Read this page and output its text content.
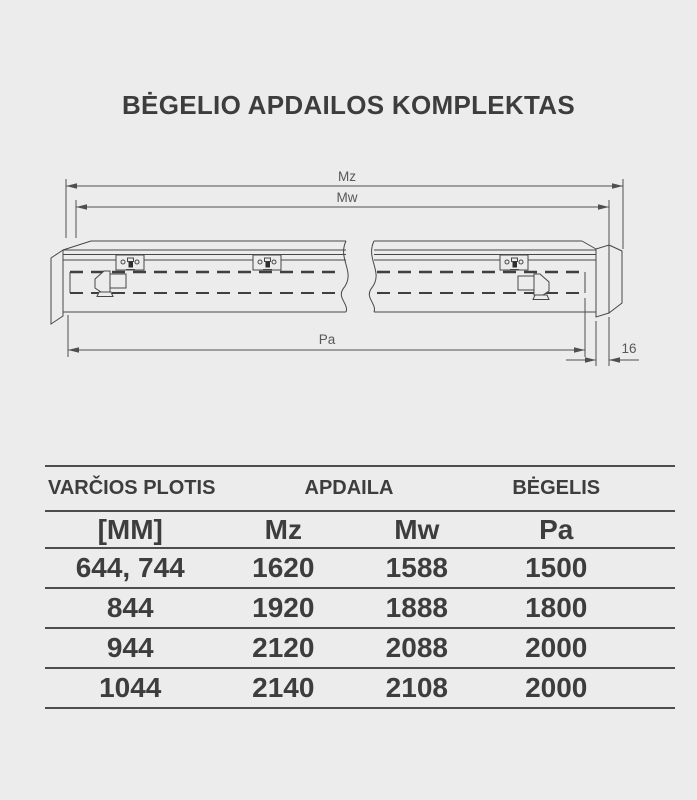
BĖGELIO APDAILOS KOMPLEKTAS
Mz
Mw
Pa
16
VARČIOS PLOTIS	APDAILA		BĖGELIS
[MM]	Mz	Mw	Pa
644, 744	1620	1588	1500
844	1920	1888	1800
944	2120	2088	2000
1044	2140	2108	2000
